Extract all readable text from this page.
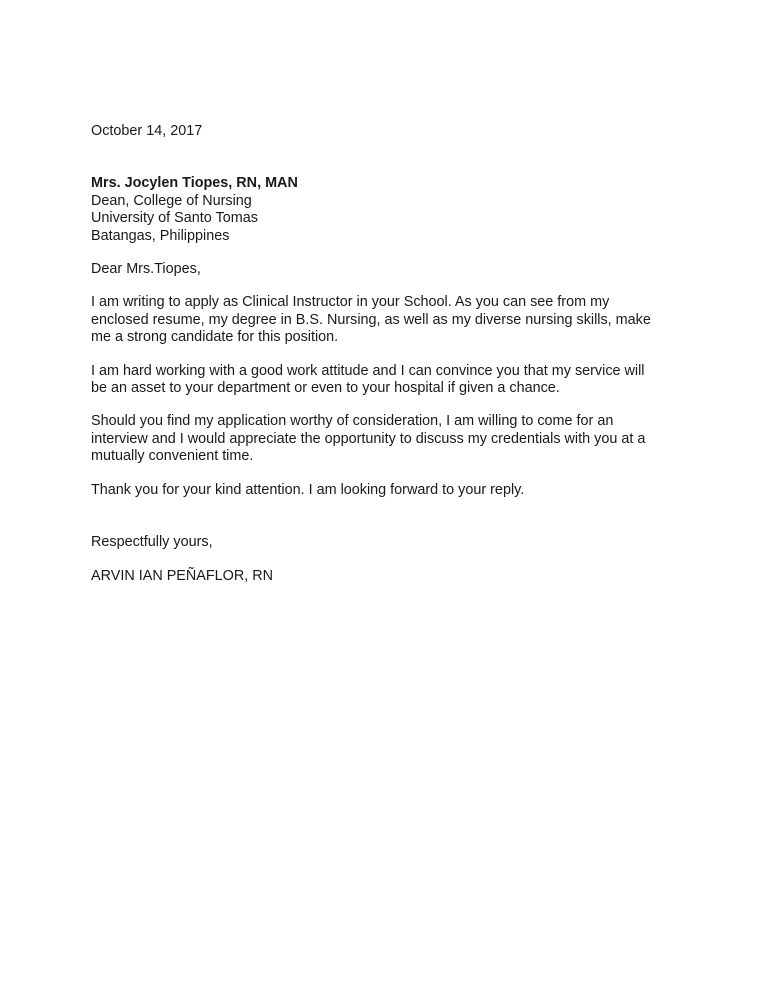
October 14, 2017

Mrs. Jocylen Tiopes, RN, MAN

Dean, College of Nursing

University of Santo Tomas

Batangas, Philippines

Dear Mrs.Tiopes,

I am writing to apply as Clinical Instructor in your School. As you can see from my
enclosed resume, my degree in B.S. Nursing, as well as my diverse nursing skills, make
me a strong candidate for this position.

I am hard working with a good work attitude and I can convince you that my service will
be an asset to your department or even to your hospital if given a chance.

Should you find my application worthy of consideration, I am willing to come for an
interview and I would appreciate the opportunity to discuss my credentials with you at a
mutually convenient time.

Thank you for your kind attention. I am looking forward to your reply.

Respectfully yours,

ARVIN IAN PEÑAFLOR, RN
